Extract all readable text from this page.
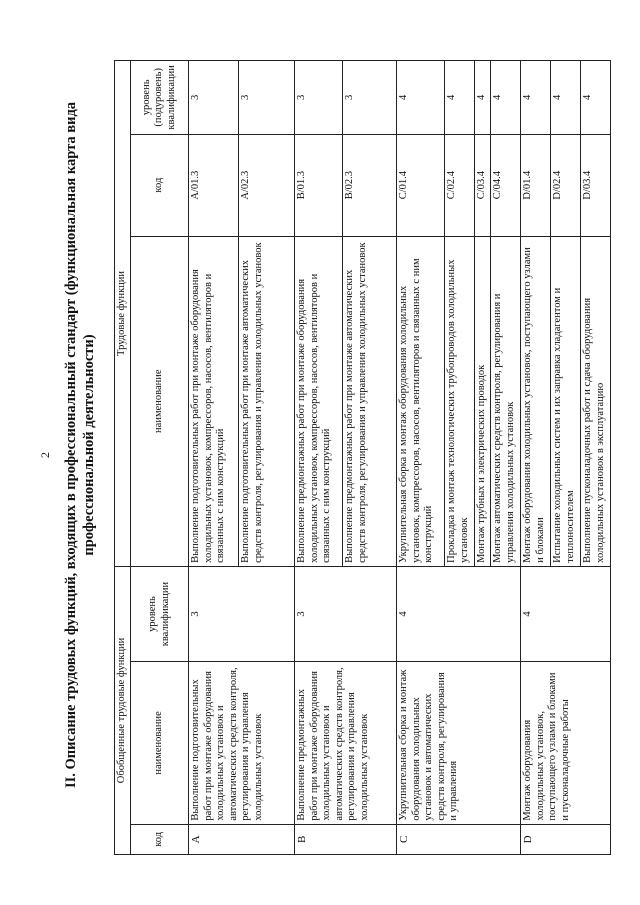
2 II. Описание трудовых функций, входящих в профессиональный стандарт (функциональная карта вида профессиональной деятельности)
Обобщенные трудовые функции			Трудовые функции		
код	наименование	уровень квалификации	наименование	код	уровень (подуровень) квалификации
A	Выполнение подготовительных работ при монтаже оборудования холодильных установок и автоматических средств контроля, регулирования и управления холодильных установок	3	Выполнение подготовительных работ при монтаже оборудования холодильных установок, компрессоров, насосов, вентиляторов и связанных с ним конструкций	A/01.3	3
			Выполнение подготовительных работ при монтаже автоматических средств контроля, регулирования и управления холодильных установок	A/02.3	3
B	Выполнение предмонтажных работ при монтаже оборудования холодильных установок и автоматических средств контроля, регулирования и управления холодильных установок	3	Выполнение предмонтажных работ при монтаже оборудования холодильных установок, компрессоров, насосов, вентиляторов и связанных с ним конструкций	B/01.3	3
			Выполнение предмонтажных работ при монтаже автоматических средств контроля, регулирования и управления холодильных установок	B/02.3	3
C	Укрупнительная сборка и монтаж оборудования холодильных установок и автоматических средств контроля, регулирования и управления	4	Укрупнительная сборка и монтаж оборудования холодильных установок, компрессоров, насосов, вентиляторов и связанных с ним конструкций	C/01.4	4
			Прокладка и монтаж технологических трубопроводов холодильных установок	C/02.4	4
			Монтаж трубных и электрических проводок	C/03.4	4
			Монтаж автоматических средств контроля, регулирования и управления холодильных установок	C/04.4	4
D	Монтаж оборудования холодильных установок, поступающего узлами и блоками и пусконаладочные работы	4	Монтаж оборудования холодильных установок, поступающего узлами и блоками	D/01.4	4
			Испытание холодильных систем и их заправка хладагентом и теплоносителем	D/02.4	4
			Выполнение пусконаладочных работ и сдача оборудования холодильных установок в эксплуатацию	D/03.4	4
